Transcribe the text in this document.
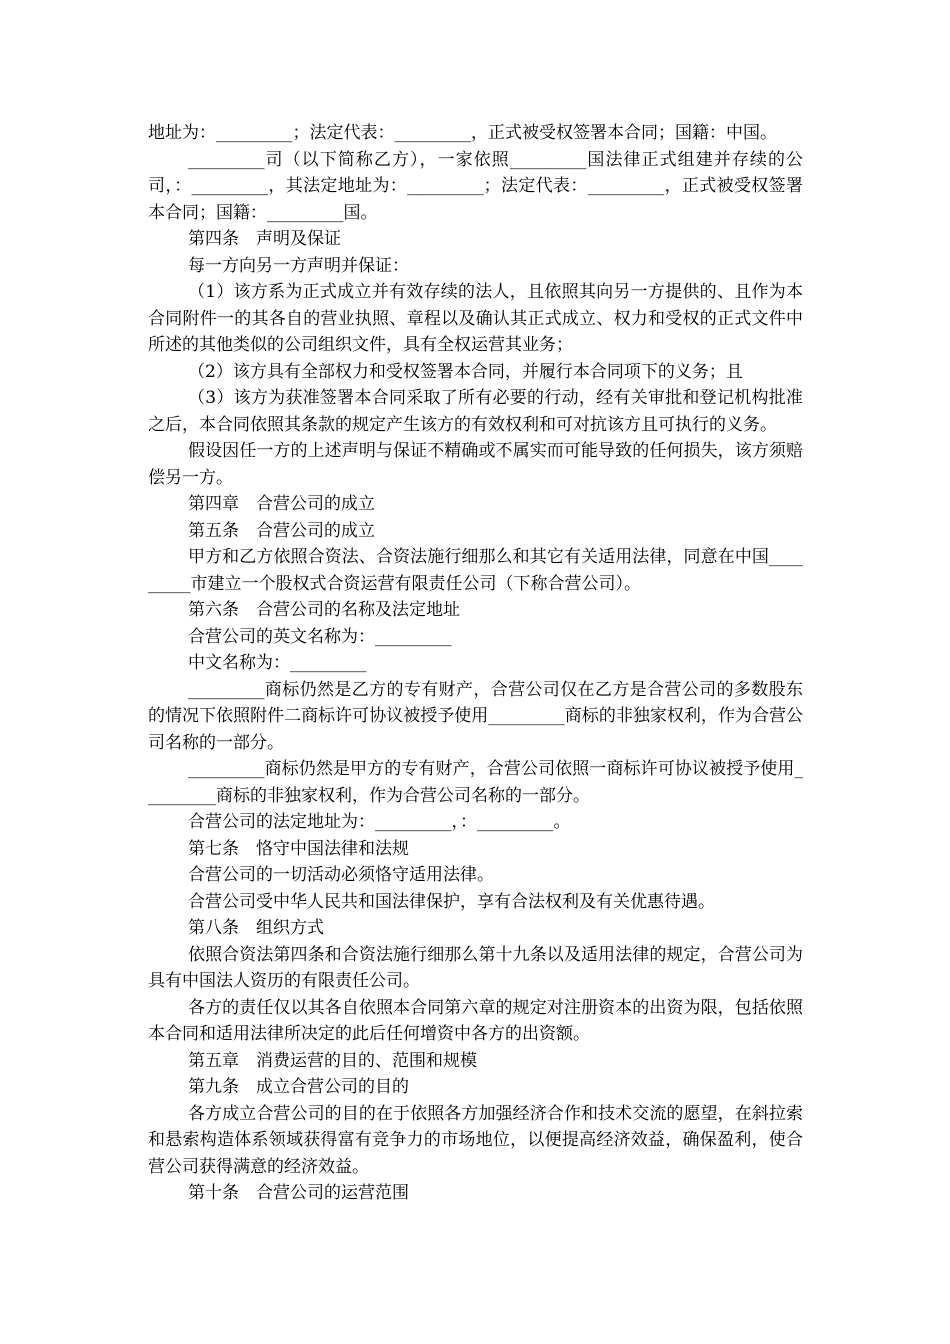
地址为：_________；法定代表：_________，正式被受权签署本合同；国籍：中国。

_________司（以下简称乙方），一家依照_________国法律正式组建并存续的公司，：_________，其法定地址为：_________；法定代表：_________，正式被受权签署本合同；国籍：_________国。

第四条　声明及保证

每一方向另一方声明并保证：

（1）该方系为正式成立并有效存续的法人，且依照其向另一方提供的、且作为本合同附件一的其各自的营业执照、章程以及确认其正式成立、权力和受权的正式文件中所述的其他类似的公司组织文件，具有全权运营其业务；

（2）该方具有全部权力和受权签署本合同，并履行本合同项下的义务；且

（3）该方为获准签署本合同采取了所有必要的行动，经有关审批和登记机构批准之后，本合同依照其条款的规定产生该方的有效权利和可对抗该方且可执行的义务。

假设因任一方的上述声明与保证不精确或不属实而可能导致的任何损失，该方须赔偿另一方。

第四章　合营公司的成立

第五条　合营公司的成立

甲方和乙方依照合资法、合资法施行细那么和其它有关适用法律，同意在中国_________市建立一个股权式合资运营有限责任公司（下称合营公司）。

第六条　合营公司的名称及法定地址

合营公司的英文名称为：_________

中文名称为：_________

_________商标仍然是乙方的专有财产，合营公司仅在乙方是合营公司的多数股东的情况下依照附件二商标许可协议被授予使用_________商标的非独家权利，作为合营公司名称的一部分。

_________商标仍然是甲方的专有财产，合营公司依照一商标许可协议被授予使用_________商标的非独家权利，作为合营公司名称的一部分。

合营公司的法定地址为：_________，：_________。

第七条　恪守中国法律和法规

合营公司的一切活动必须恪守适用法律。

合营公司受中华人民共和国法律保护，享有合法权利及有关优惠待遇。

第八条　组织方式

依照合资法第四条和合资法施行细那么第十九条以及适用法律的规定，合营公司为具有中国法人资历的有限责任公司。

各方的责任仅以其各自依照本合同第六章的规定对注册资本的出资为限，包括依照本合同和适用法律所决定的此后任何增资中各方的出资额。

第五章　消费运营的目的、范围和规模

第九条　成立合营公司的目的

各方成立合营公司的目的在于依照各方加强经济合作和技术交流的愿望，在斜拉索和悬索构造体系领域获得富有竞争力的市场地位，以便提高经济效益，确保盈利，使合营公司获得满意的经济效益。

第十条　合营公司的运营范围
